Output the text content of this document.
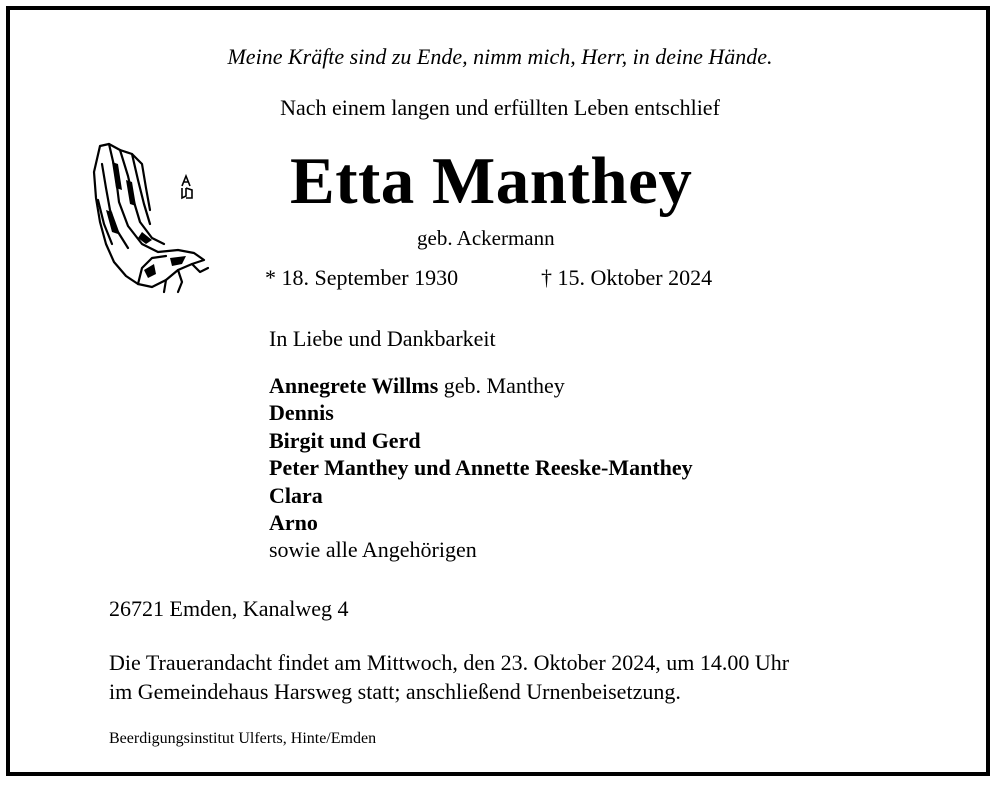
Meine Kräfte sind zu Ende, nimm mich, Herr, in deine Hände.
Nach einem langen und erfüllten Leben entschlief
Etta Manthey
geb. Ackermann
* 18. September 1930	† 15. Oktober 2024
In Liebe und Dankbarkeit
Annegrete Willms geb. Manthey
Dennis
Birgit und Gerd
Peter Manthey und Annette Reeske-Manthey
Clara
Arno
sowie alle Angehörigen
26721 Emden, Kanalweg 4
Die Trauerandacht findet am Mittwoch, den 23. Oktober 2024, um 14.00 Uhr
im Gemeindehaus Harsweg statt; anschließend Urnenbeisetzung.
Beerdigungsinstitut Ulferts, Hinte/Emden
